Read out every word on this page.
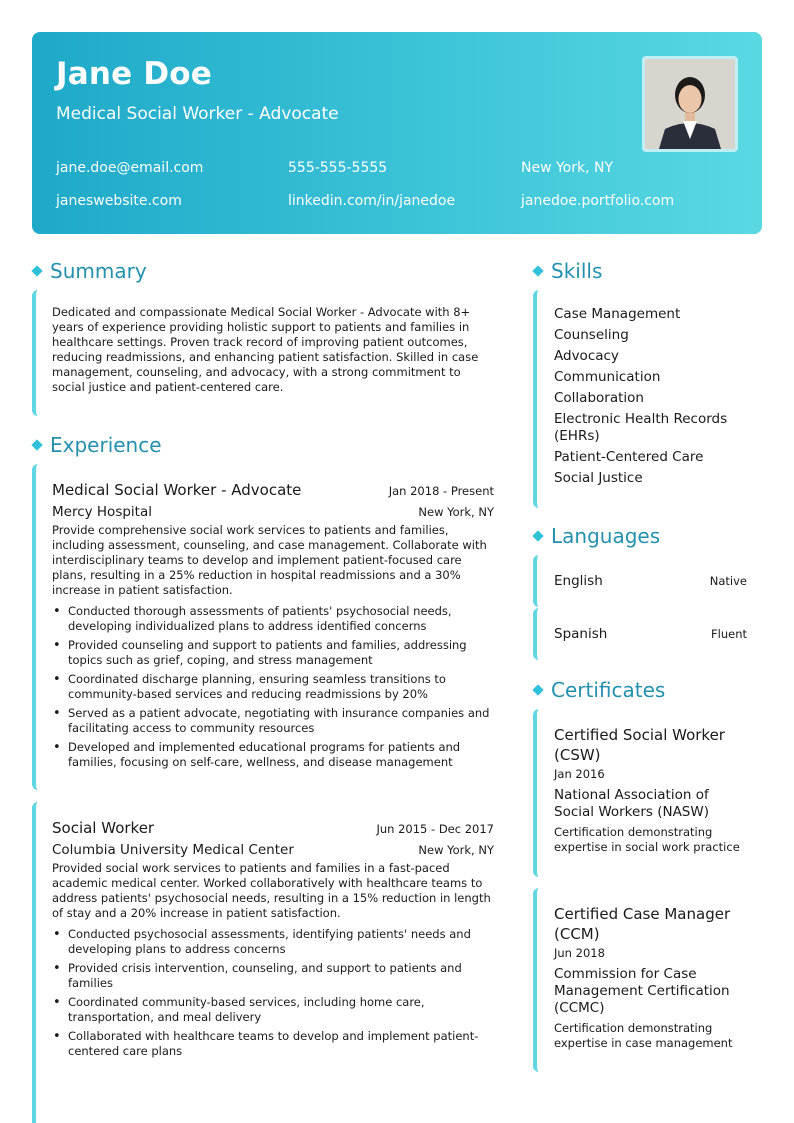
Jane Doe
Medical Social Worker - Advocate
jane.doe@email.com	555-555-5555	New York, NY
janeswebsite.com	linkedin.com/in/janedoe	janedoe.portfolio.com
Summary

Dedicated and compassionate Medical Social Worker - Advocate with 8+ years of experience providing holistic support to patients and families in healthcare settings. Proven track record of improving patient outcomes, reducing readmissions, and enhancing patient satisfaction. Skilled in case management, counseling, and advocacy, with a strong commitment to social justice and patient-centered care.

Experience
Medical Social Worker - Advocate	Jan 2018 - Present
Mercy Hospital	New York, NY

Provide comprehensive social work services to patients and families, including assessment, counseling, and case management. Collaborate with interdisciplinary teams to develop and implement patient-focused care plans, resulting in a 25% reduction in hospital readmissions and a 30% increase in patient satisfaction.

• Conducted thorough assessments of patients' psychosocial needs, developing individualized plans to address identified concerns
• Provided counseling and support to patients and families, addressing topics such as grief, coping, and stress management
• Coordinated discharge planning, ensuring seamless transitions to community-based services and reducing readmissions by 20%
• Served as a patient advocate, negotiating with insurance companies and facilitating access to community resources
• Developed and implemented educational programs for patients and families, focusing on self-care, wellness, and disease management
Social Worker	Jun 2015 - Dec 2017
Columbia University Medical Center	New York, NY

Provided social work services to patients and families in a fast-paced academic medical center. Worked collaboratively with healthcare teams to address patients' psychosocial needs, resulting in a 15% reduction in length of stay and a 20% increase in patient satisfaction.

• Conducted psychosocial assessments, identifying patients' needs and developing plans to address concerns
• Provided crisis intervention, counseling, and support to patients and families
• Coordinated community-based services, including home care, transportation, and meal delivery
• Collaborated with healthcare teams to develop and implement patient-centered care plans
Skills
Case Management
Counseling
Advocacy
Communication
Collaboration
Electronic Health Records (EHRs)
Patient-Centered Care
Social Justice
Languages
English	Native
Spanish	Fluent
Certificates
Certified Social Worker (CSW)
Jan 2016
National Association of Social Workers (NASW)
Certification demonstrating expertise in social work practice
Certified Case Manager (CCM)
Jun 2018
Commission for Case Management Certification (CCMC)
Certification demonstrating expertise in case management
